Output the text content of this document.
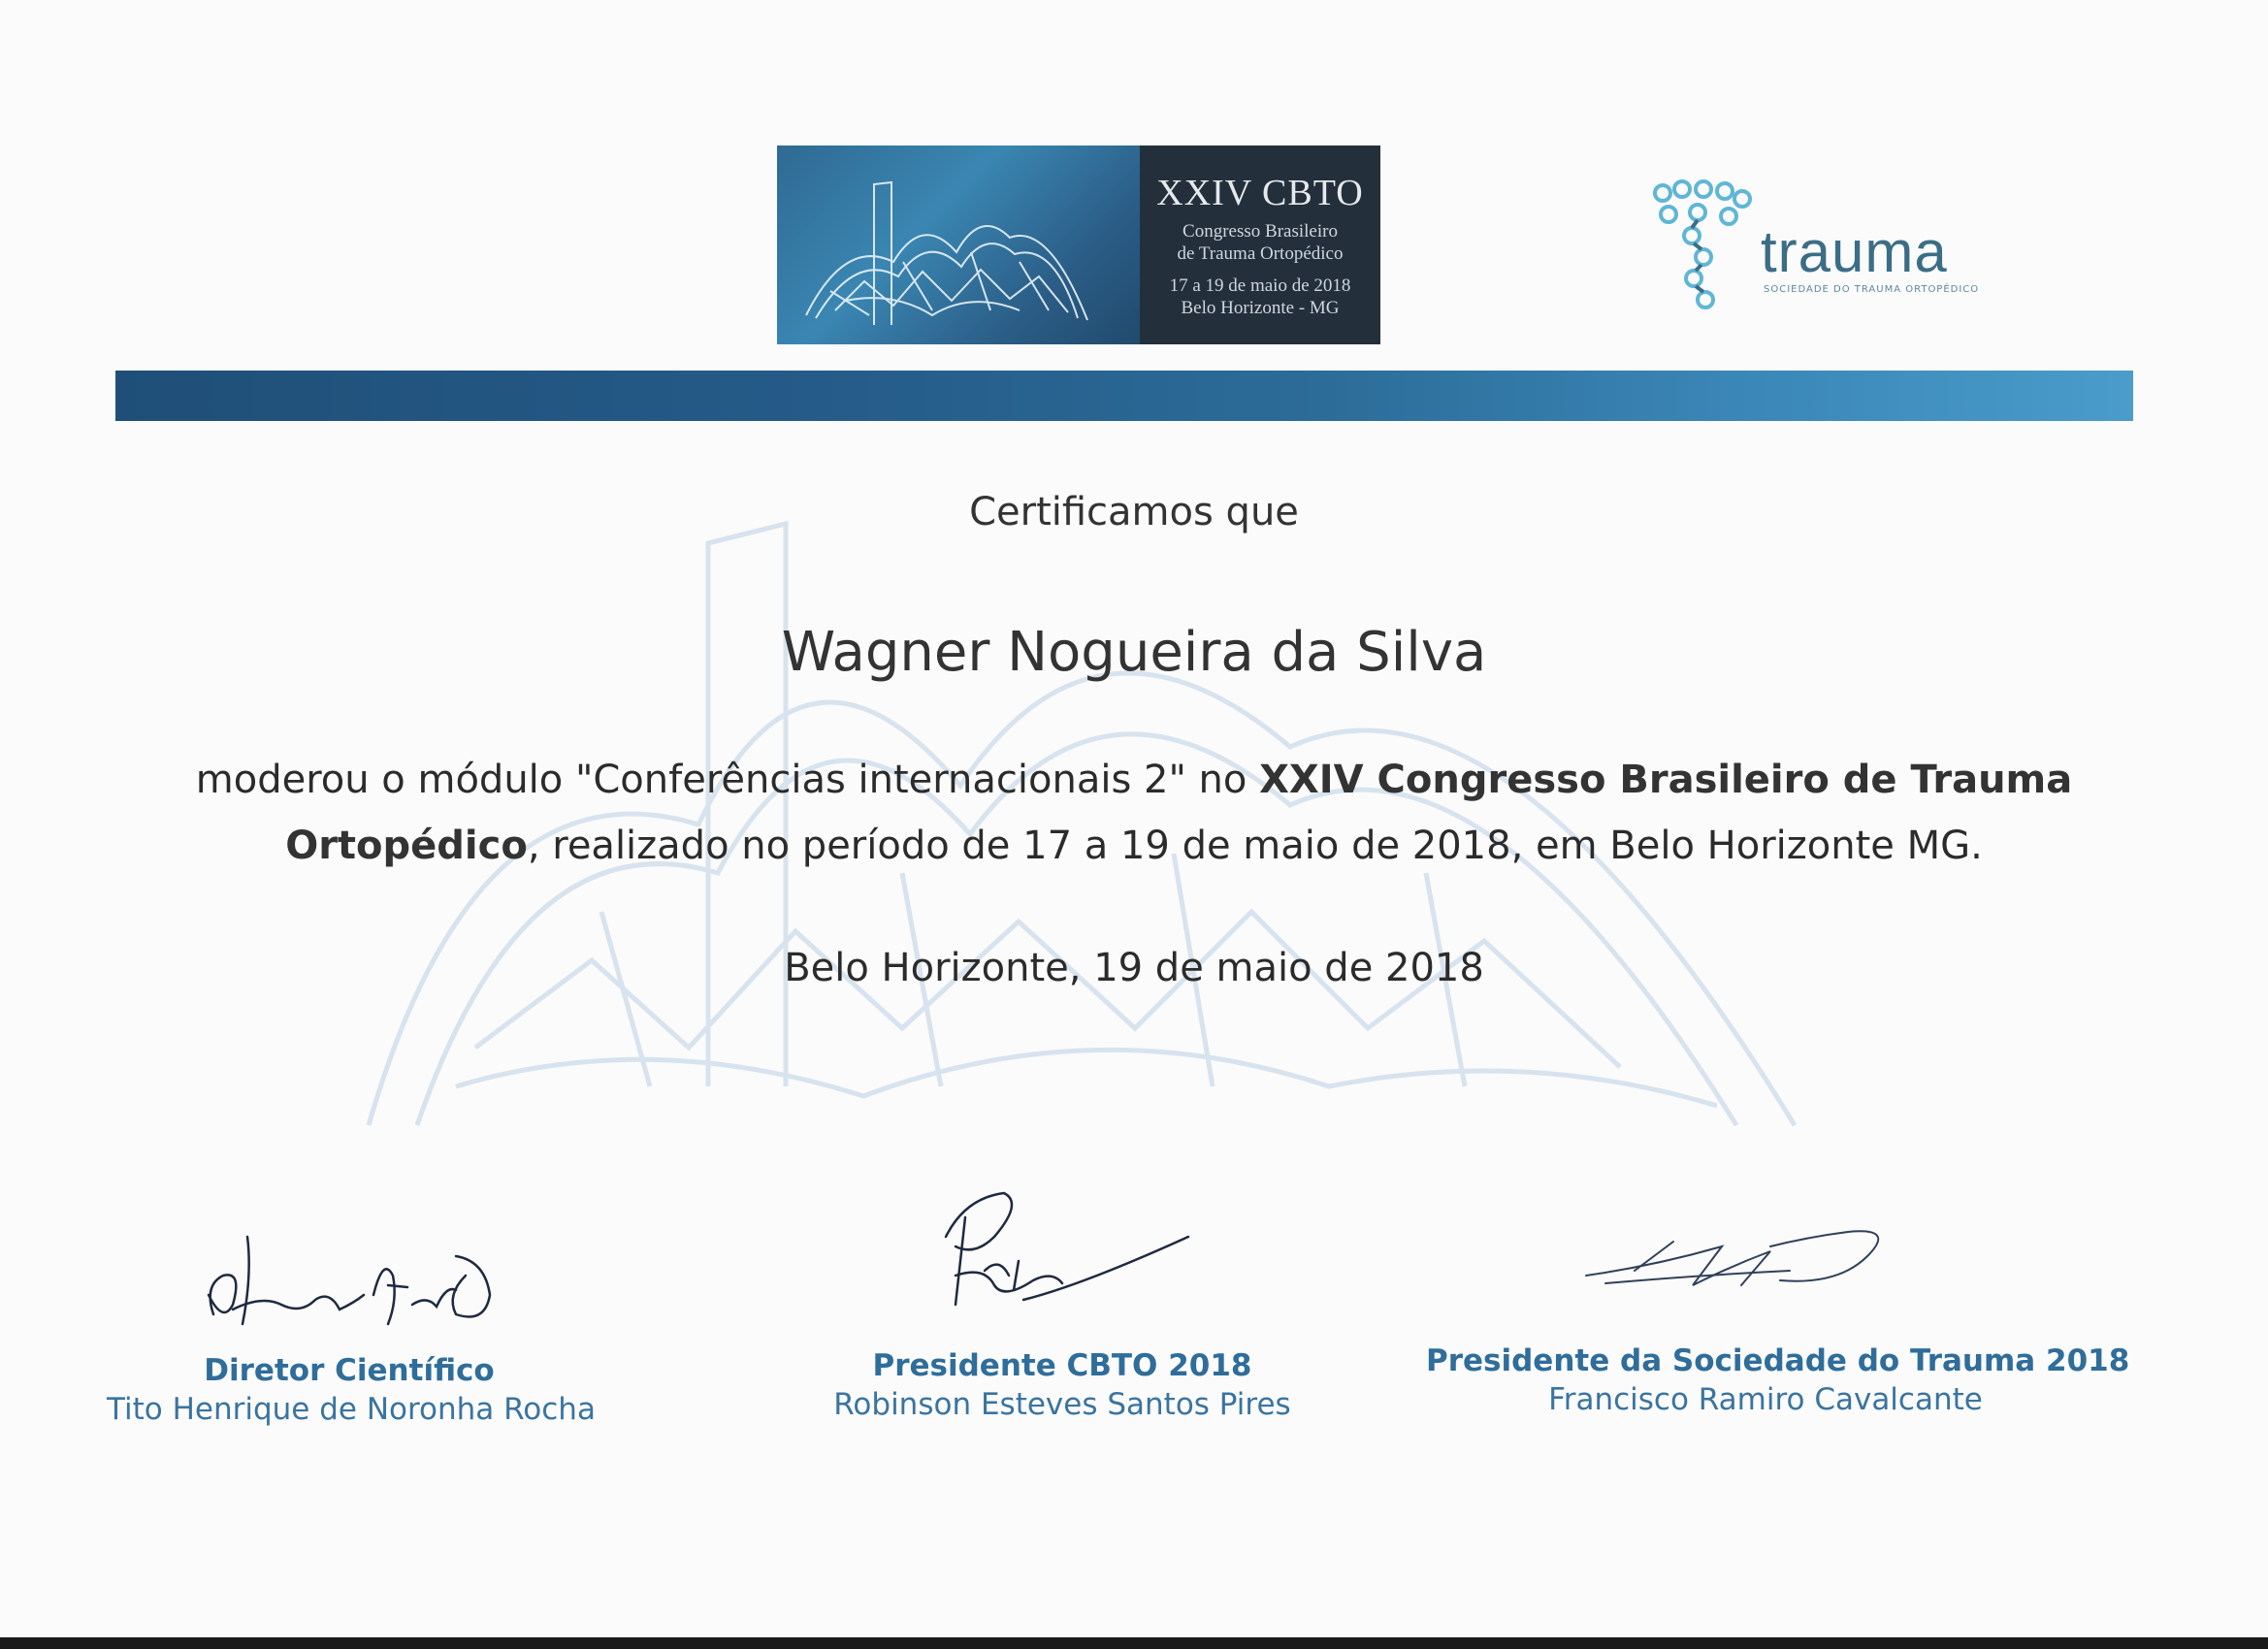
XXIV CBTO
Congresso Brasileiro
de Trauma Ortopédico
17 a 19 de maio de 2018
Belo Horizonte - MG
trauma
SOCIEDADE DO TRAUMA ORTOPÉDICO
Certificamos que
Wagner Nogueira da Silva
moderou o módulo "Conferências internacionais 2" no XXIV Congresso Brasileiro de Trauma Ortopédico, realizado no período de 17 a 19 de maio de 2018, em Belo Horizonte MG.
Belo Horizonte, 19 de maio de 2018
Diretor Científico
Tito Henrique de Noronha Rocha
Presidente CBTO 2018
Robinson Esteves Santos Pires
Presidente da Sociedade do Trauma 2018
Francisco Ramiro Cavalcante
